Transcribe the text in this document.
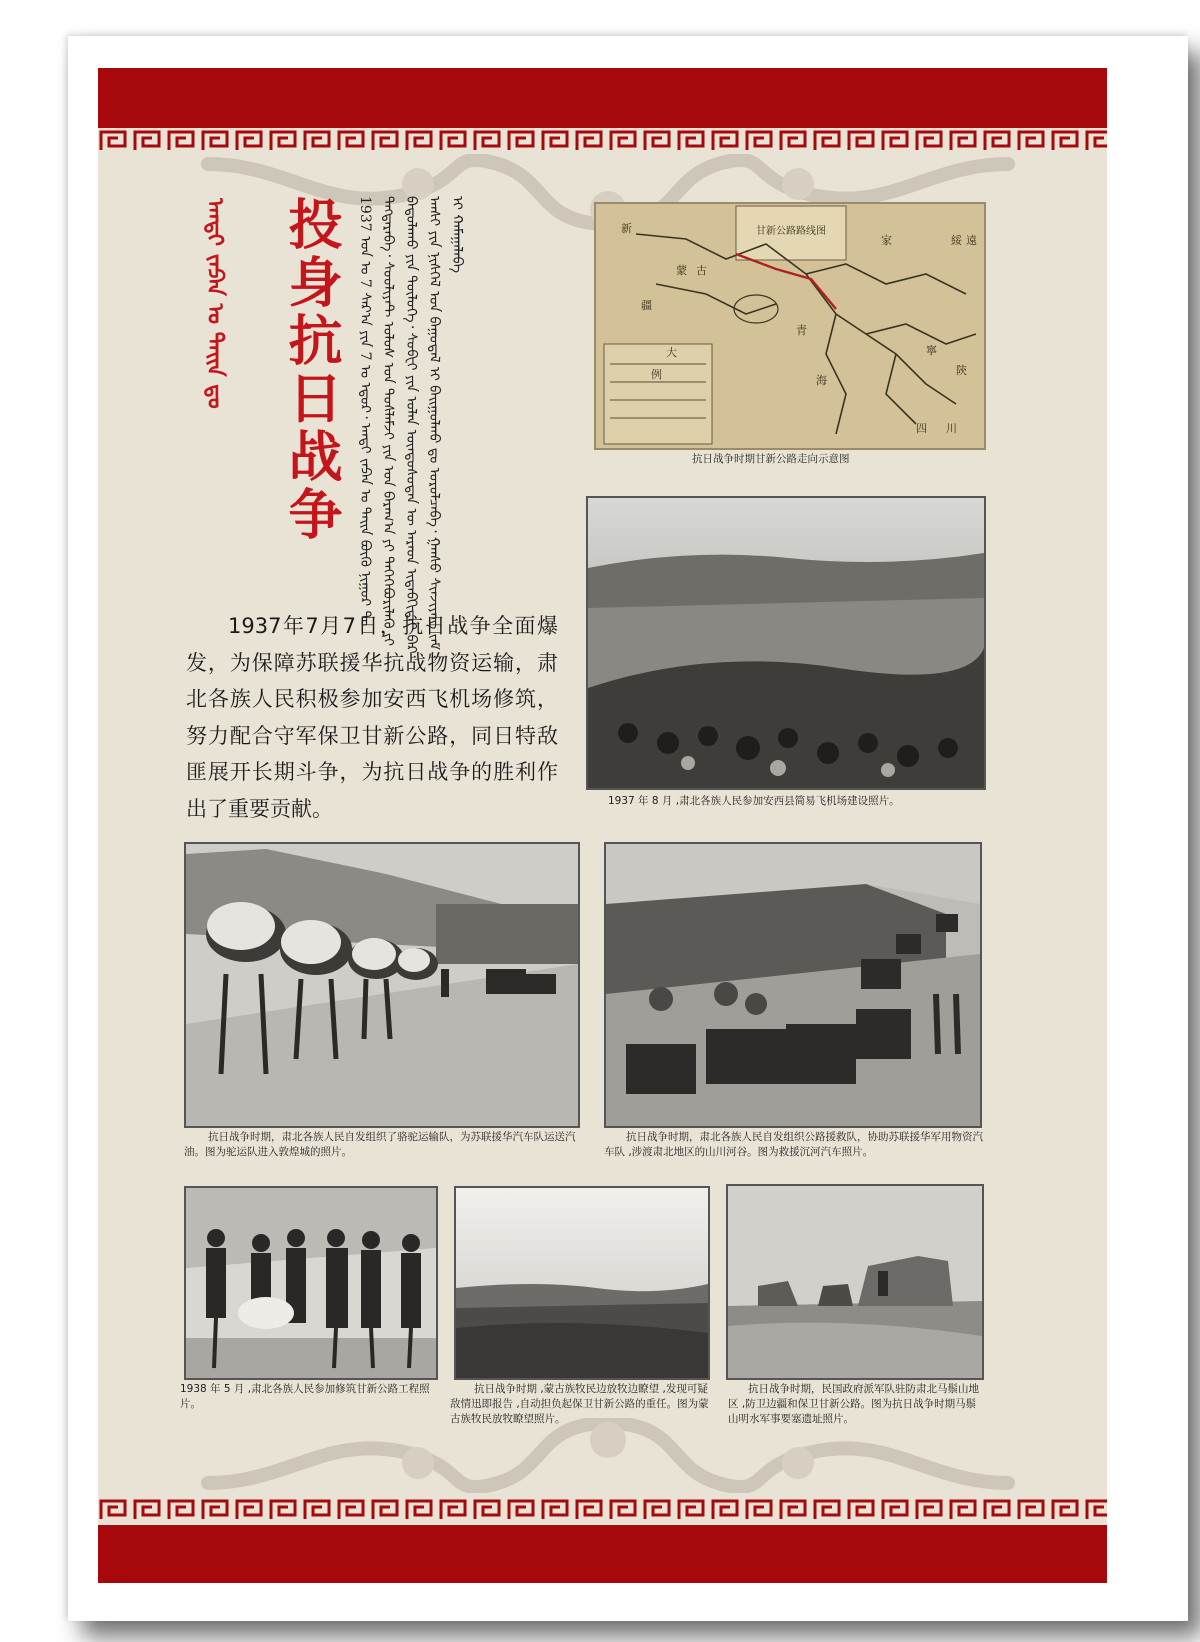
投身抗日战争
ᠠᠨᠲᠢ ᠵᠠᠫᠠᠨ ᠤ ᠳᠠᠢᠨ ᠳᠤ	1937 ᠣᠨ ᠤ 7 ᠰᠠᠷ᠎ᠠ ᠶᠢᠨ 7 ᠤ ᠡᠳᠦᠷ᠂ ᠠᠨᠲᠢ ᠵᠠᠫᠠᠨ ᠤ ᠳᠠᠢᠨ ᠪᠦᠬᠦ ᠨᠢᠭᠤᠷ ᠲᠤ ᠳᠡᠭᠳᠡᠷᠡᠪᠡ᠂ ᠰᠤᠦᠯᠢᠶᠠᠲ ᠤᠯᠤᠰ ᠤᠨ ᠳᠤᠰᠯᠠᠮᠵᠢ ᠶᠢᠨ ᠡᠳ ᠪᠠᠷᠠᠭ᠎ᠠ ᠶᠢ ᠲᠡᠭᠡᠭᠡᠪᠦᠷᠢᠯᠡᠬᠦ ᠶᠢ ᠪᠠᠲᠤᠯᠠᠬᠤ ᠶᠢᠨ ᠲᠥᠯᠥᠭᠡ᠂ ᠰᠤᠪᠧᠢ ᠶᠢᠨ ᠣᠯᠠᠨ ᠦᠨᠳᠦᠰᠦᠲᠡᠨ ᠦ ᠠᠷᠠᠳ ᠢᠳᠡᠪᠬᠢᠲᠡᠢ ᠪᠡᠷ ᠠᠨᠰᠢ ᠶᠢᠨ ᠨᠢᠰᠬᠡᠯ ᠤᠨ ᠪᠠᠭᠤᠳᠠᠯ ᠢ ᠪᠠᠢᠭᠤᠯᠬᠤ ᠳᠤ ᠣᠷᠣᠯᠴᠠᠪᠠ᠂ ᠭᠠᠨᠰᠤ ᠰᠢᠨᠵᠢᠶᠠᠩ ᠵᠠᠮ ᠢ ᠬᠠᠮᠠᠭᠠᠯᠠᠪᠠ
1937年7月7日，抗日战争全面爆发，为保障苏联援华抗战物资运输，肃北各族人民积极参加安西飞机场修筑，努力配合守军保卫甘新公路，同日特敌匪展开长期斗争，为抗日战争的胜利作出了重要贡献。
甘新公路路线图
新
蒙 古
疆
青
海
綏 遠
家
寧
陝
川
四
大
例
抗日战争时期甘新公路走向示意图
1937 年 8 月 ,肃北各族人民参加安西县简易飞机场建设照片。
抗日战争时期，肃北各族人民自发组织了骆驼运输队，为苏联援华汽车队运送汽油。图为驼运队进入敦煌城的照片。
抗日战争时期，肃北各族人民自发组织公路援救队，协助苏联援华军用物资汽车队 ,涉渡肃北地区的山川河谷。图为救援沉河汽车照片。
1938 年 5 月 ,肃北各族人民参加修筑甘新公路工程照片。
抗日战争时期 ,蒙古族牧民边放牧边瞭望 ,发现可疑敌情迅即报告 ,自动担负起保卫甘新公路的重任。图为蒙古族牧民放牧瞭望照片。
抗日战争时期，民国政府派军队驻防肃北马鬃山地区 ,防卫边疆和保卫甘新公路。图为抗日战争时期马鬃山明水军事要塞遗址照片。
